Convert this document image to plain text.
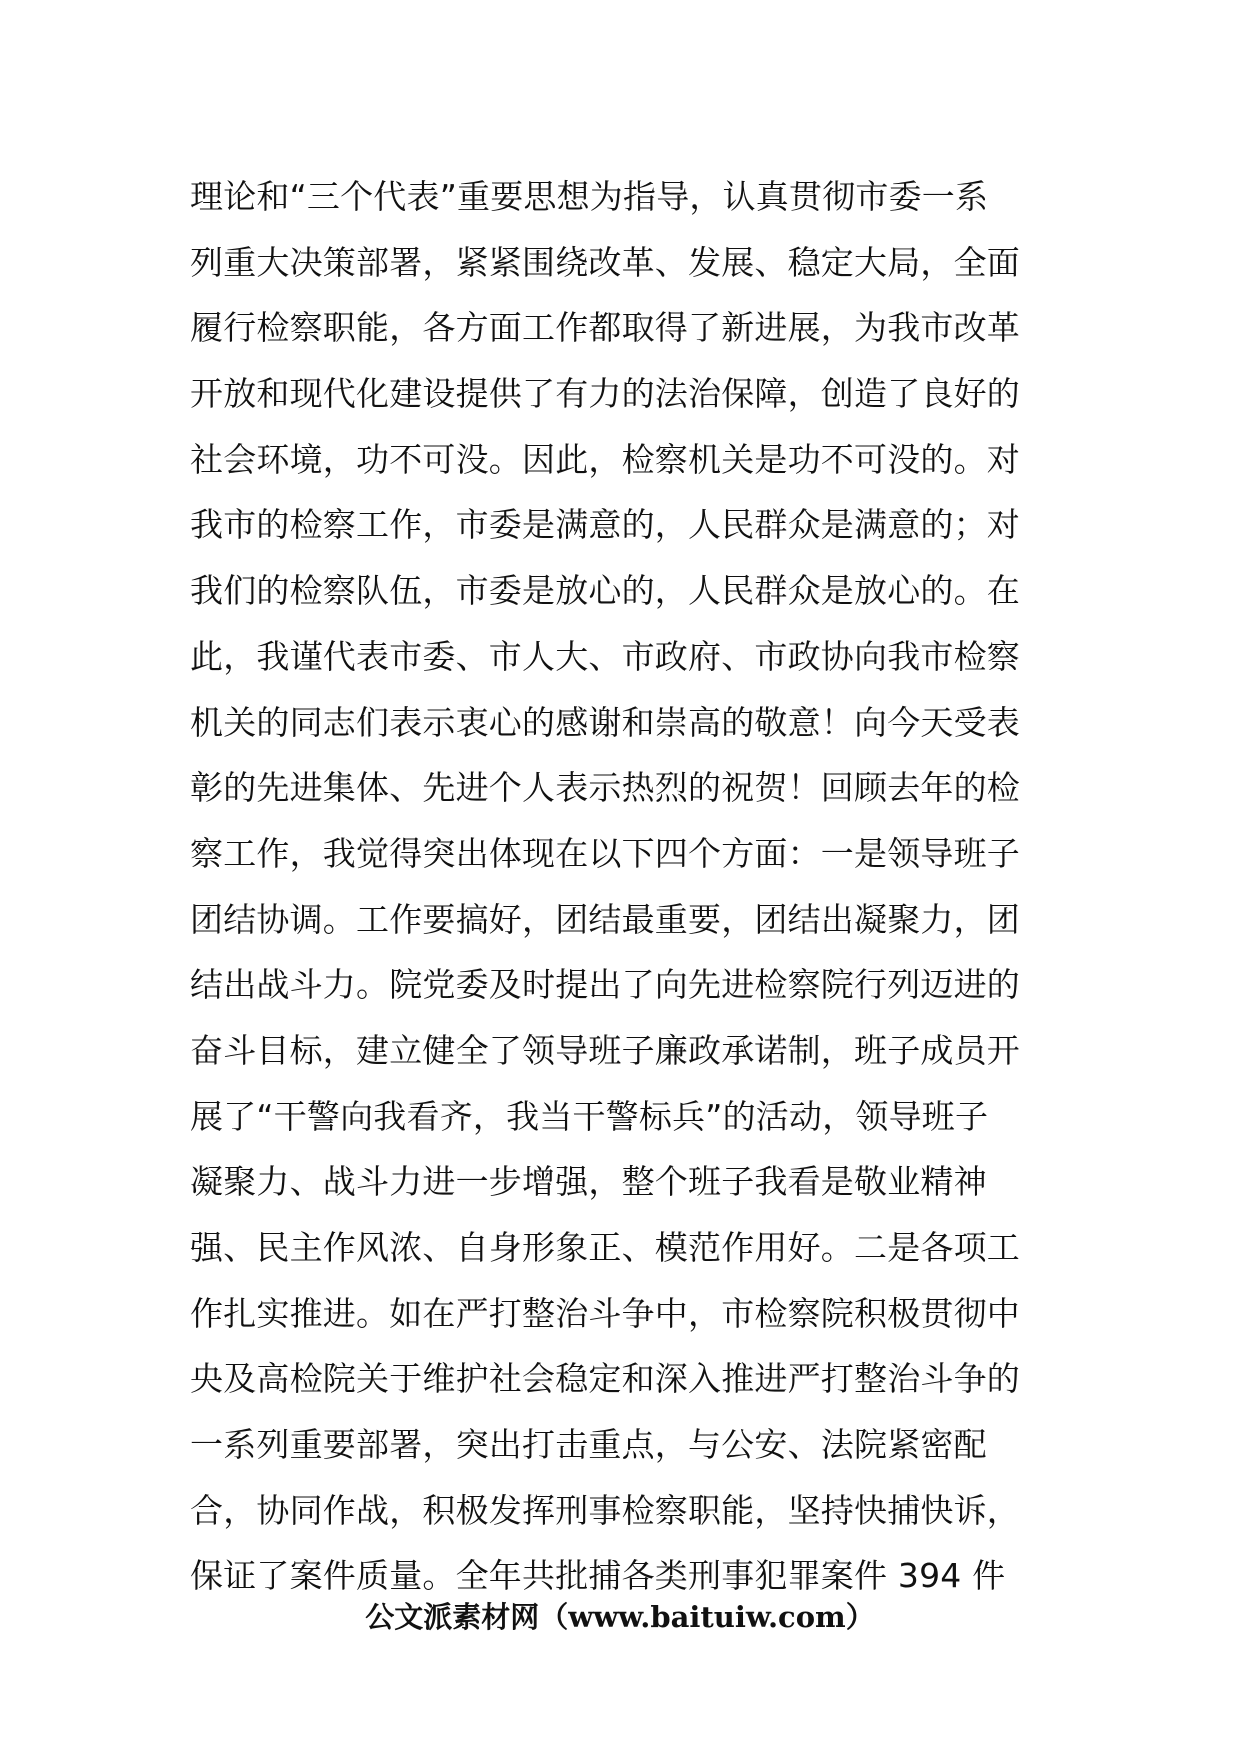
理论和“三个代表”重要思想为指导，认真贯彻市委一系
列重大决策部署，紧紧围绕改革、发展、稳定大局，全面
履行检察职能，各方面工作都取得了新进展，为我市改革
开放和现代化建设提供了有力的法治保障，创造了良好的
社会环境，功不可没。因此，检察机关是功不可没的。对
我市的检察工作，市委是满意的，人民群众是满意的；对
我们的检察队伍，市委是放心的，人民群众是放心的。在
此，我谨代表市委、市人大、市政府、市政协向我市检察
机关的同志们表示衷心的感谢和崇高的敬意！向今天受表
彰的先进集体、先进个人表示热烈的祝贺！回顾去年的检
察工作，我觉得突出体现在以下四个方面：一是领导班子
团结协调。工作要搞好，团结最重要，团结出凝聚力，团
结出战斗力。院党委及时提出了向先进检察院行列迈进的
奋斗目标，建立健全了领导班子廉政承诺制，班子成员开
展了“干警向我看齐，我当干警标兵”的活动，领导班子
凝聚力、战斗力进一步增强，整个班子我看是敬业精神
强、民主作风浓、自身形象正、模范作用好。二是各项工
作扎实推进。如在严打整治斗争中，市检察院积极贯彻中
央及高检院关于维护社会稳定和深入推进严打整治斗争的
一系列重要部署，突出打击重点，与公安、法院紧密配
合，协同作战，积极发挥刑事检察职能，坚持快捕快诉，
保证了案件质量。全年共批捕各类刑事犯罪案件 394 件
公文派素材网（www.baituiw.com）
